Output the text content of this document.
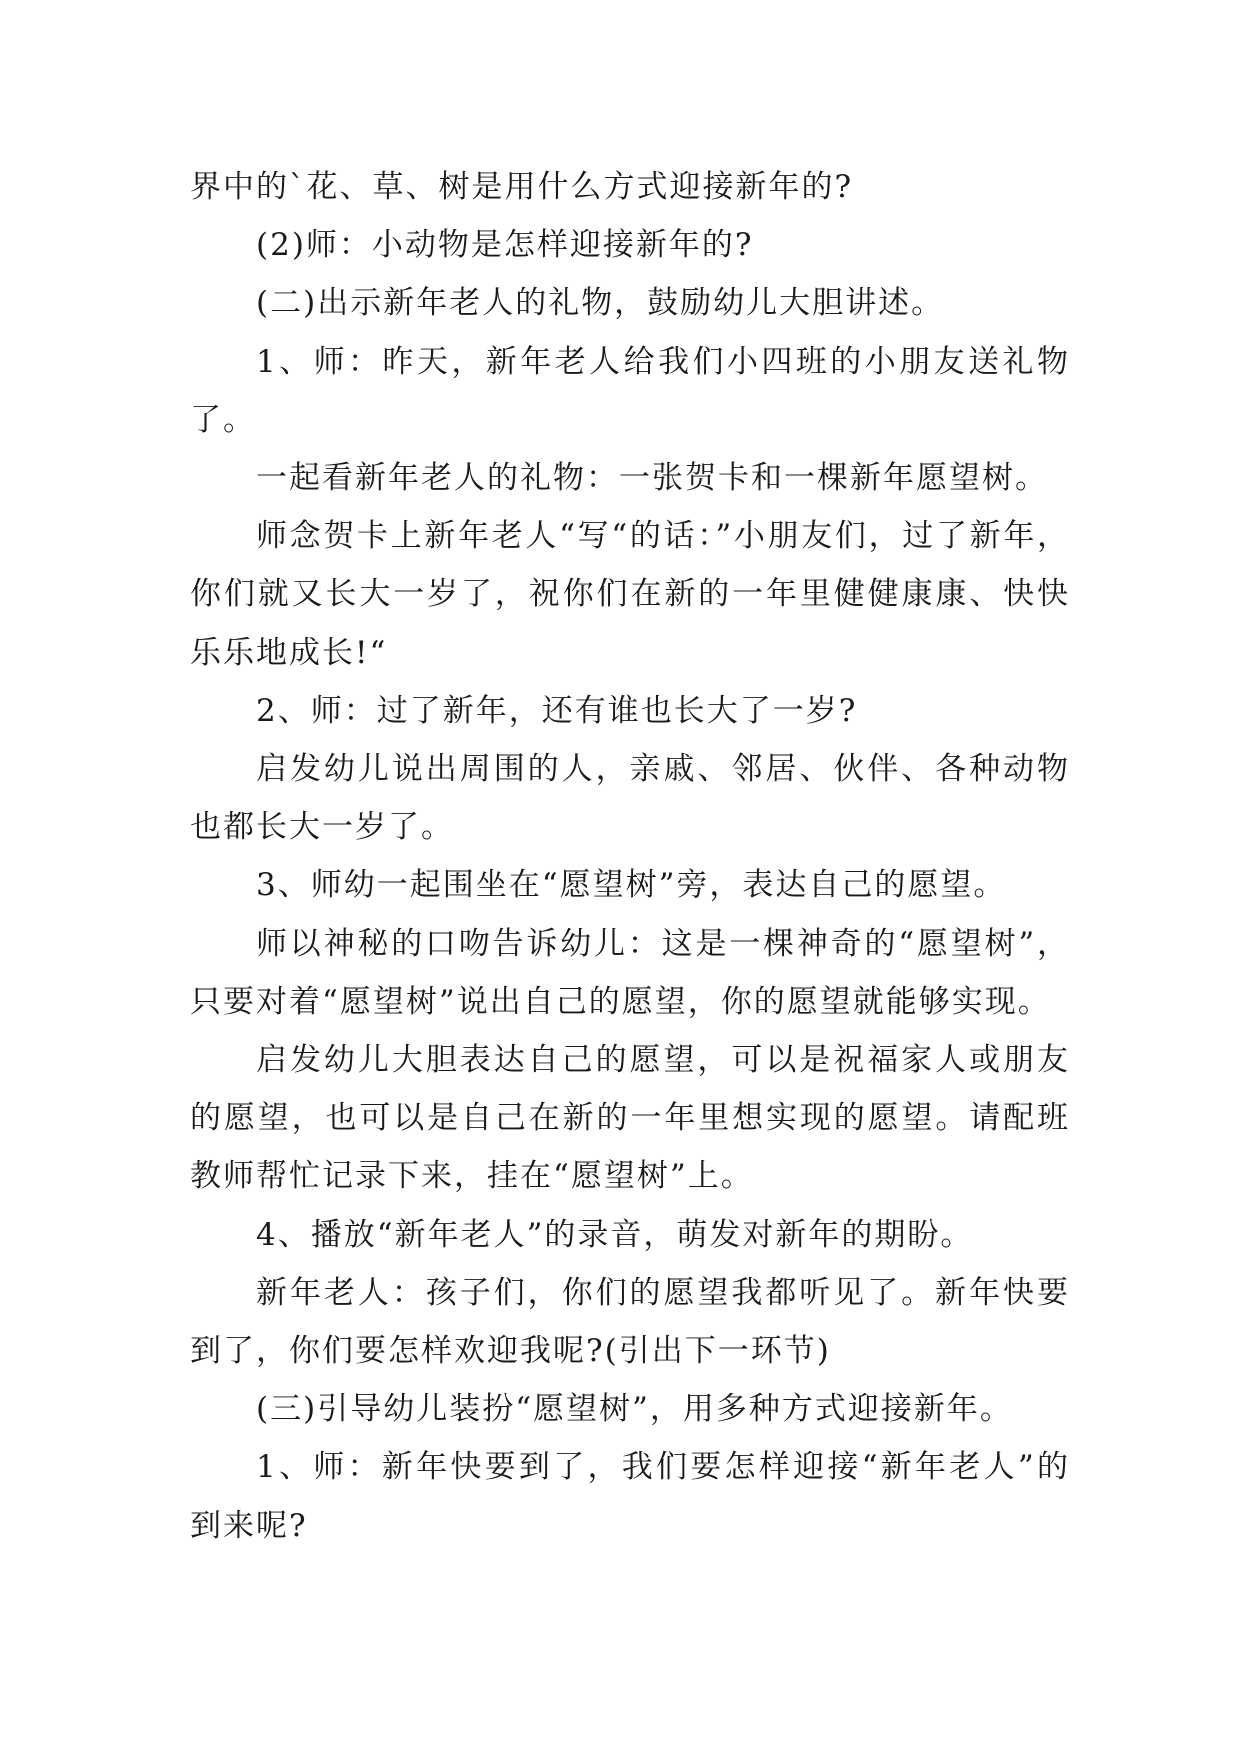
界中的`花、草、树是用什么方式迎接新年的?

(2)师：小动物是怎样迎接新年的?

(二)出示新年老人的礼物，鼓励幼儿大胆讲述。

1、师：昨天，新年老人给我们小四班的小朋友送礼物了。

一起看新年老人的礼物：一张贺卡和一棵新年愿望树。

师念贺卡上新年老人“写“的话：”小朋友们，过了新年，你们就又长大一岁了，祝你们在新的一年里健健康康、快快乐乐地成长!“

2、师：过了新年，还有谁也长大了一岁?

启发幼儿说出周围的人，亲戚、邻居、伙伴、各种动物也都长大一岁了。

3、师幼一起围坐在“愿望树”旁，表达自己的愿望。

师以神秘的口吻告诉幼儿：这是一棵神奇的“愿望树”，只要对着“愿望树”说出自己的愿望，你的愿望就能够实现。

启发幼儿大胆表达自己的愿望，可以是祝福家人或朋友的愿望，也可以是自己在新的一年里想实现的愿望。请配班教师帮忙记录下来，挂在“愿望树”上。

4、播放“新年老人”的录音，萌发对新年的期盼。

新年老人：孩子们，你们的愿望我都听见了。新年快要到了，你们要怎样欢迎我呢?(引出下一环节)

(三)引导幼儿装扮“愿望树”，用多种方式迎接新年。

1、师：新年快要到了，我们要怎样迎接“新年老人”的到来呢?
